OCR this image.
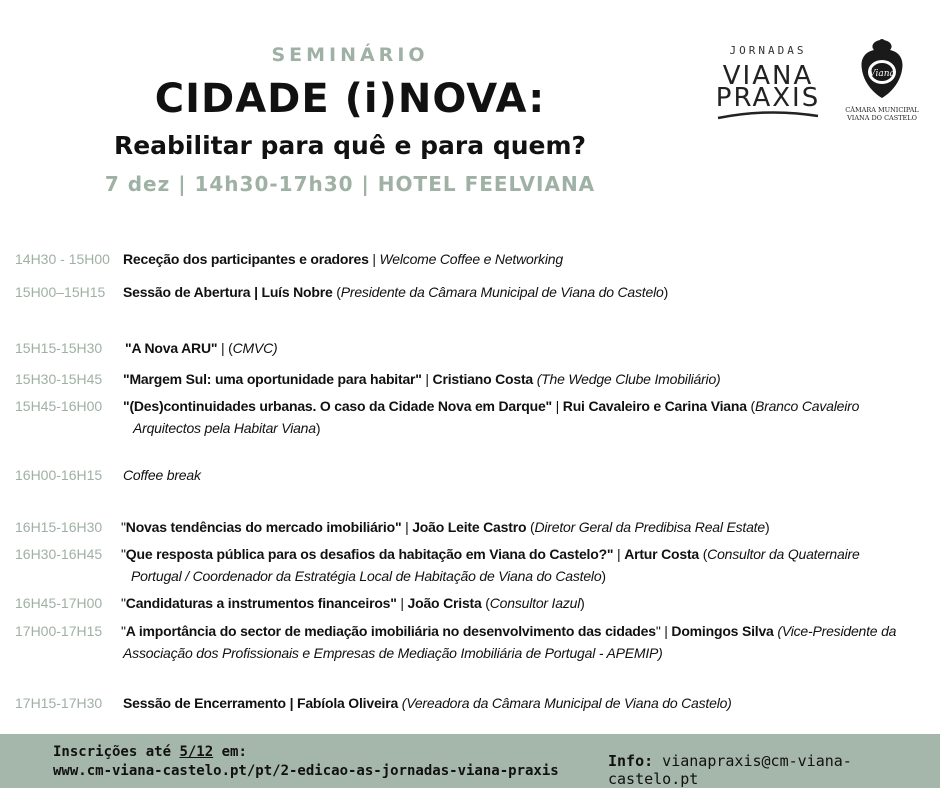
SEMINÁRIO
CIDADE (i)NOVA:
Reabilitar para quê e para quem?
7 dez | 14h30-17h30 | HOTEL FEELVIANA
JORNADAS
VIANA
PRAXIS
Viana
CÂMARA MUNICIPAL
VIANA DO CASTELO
14H30 - 15H00 Receção dos participantes e oradores | Welcome Coffee e Networking
15H00–15H15 Sessão de Abertura | Luís Nobre (Presidente da Câmara Municipal de Viana do Castelo)
15H15-15H30 "A Nova ARU" | (CMVC)
15H30-15H45 "Margem Sul: uma oportunidade para habitar" | Cristiano Costa (The Wedge Clube Imobiliário)
15H45-16H00 "(Des)continuidades urbanas. O caso da Cidade Nova em Darque" | Rui Cavaleiro e Carina Viana (Branco Cavaleiro
Arquitectos pela Habitar Viana)
16H00-16H15 Coffee break
16H15-16H30 "Novas tendências do mercado imobiliário" | João Leite Castro (Diretor Geral da Predibisa Real Estate)
16H30-16H45 "Que resposta pública para os desafios da habitação em Viana do Castelo?" | Artur Costa (Consultor da Quaternaire
Portugal / Coordenador da Estratégia Local de Habitação de Viana do Castelo)
16H45-17H00 "Candidaturas a instrumentos financeiros" | João Crista (Consultor Iazul)
17H00-17H15 "A importância do sector de mediação imobiliária no desenvolvimento das cidades" | Domingos Silva (Vice-Presidente da
Associação dos Profissionais e Empresas de Mediação Imobiliária de Portugal - APEMIP)
17H15-17H30 Sessão de Encerramento | Fabíola Oliveira (Vereadora da Câmara Municipal de Viana do Castelo)
Inscrições até 5/12 em:
www.cm-viana-castelo.pt/pt/2-edicao-as-jornadas-viana-praxis
Info: vianapraxis@cm-viana-castelo.pt
